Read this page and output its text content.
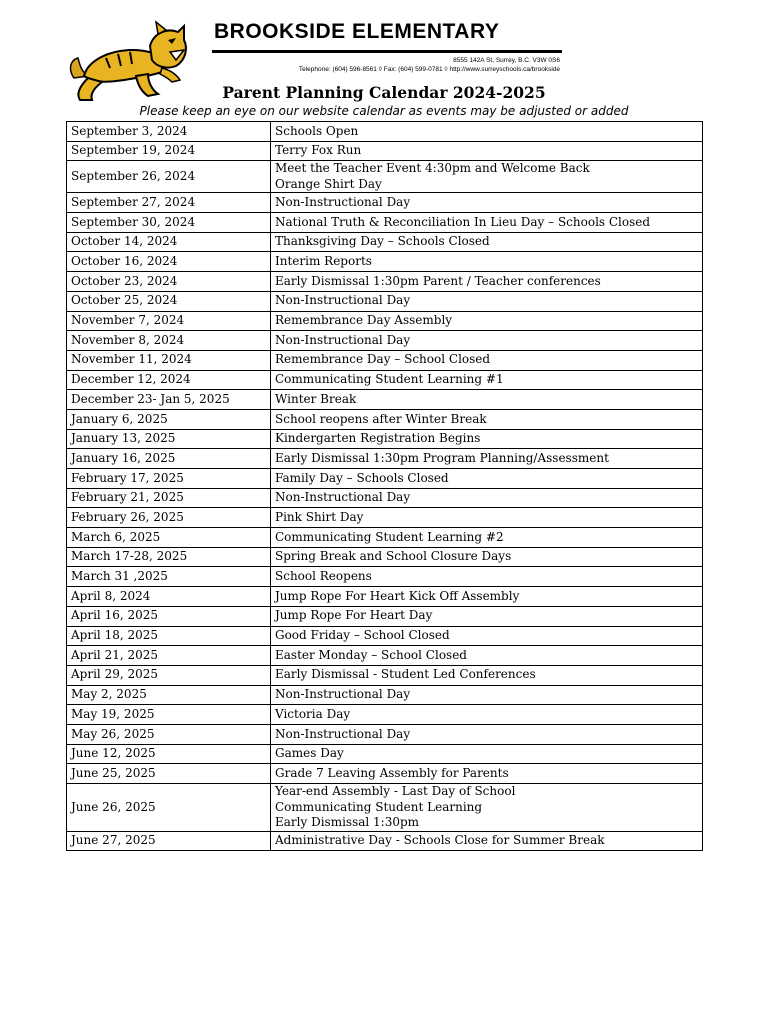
BROOKSIDE ELEMENTARY
8555 142A St, Surrey, B.C. V3W 0S6
Telephone: (604) 596-8561 ◊ Fax: (604) 599-0781 ◊ http://www.surreyschools.ca/brookside
Parent Planning Calendar 2024-2025
Please keep an eye on our website calendar as events may be adjusted or added
September 3, 2024	Schools Open

September 19, 2024	Terry Fox Run

September 26, 2024	Meet the Teacher Event 4:30pm and Welcome Back
Orange Shirt Day

September 27, 2024	Non-Instructional Day

September 30, 2024	National Truth & Reconciliation In Lieu Day – Schools Closed

October 14, 2024	Thanksgiving Day – Schools Closed

October 16, 2024	Interim Reports

October 23, 2024	Early Dismissal 1:30pm Parent / Teacher conferences

October 25, 2024	Non-Instructional Day

November 7, 2024	Remembrance Day Assembly

November 8, 2024	Non-Instructional Day

November 11, 2024	Remembrance Day – School Closed

December 12, 2024	Communicating Student Learning #1

December 23- Jan 5, 2025	Winter Break

January 6, 2025	School reopens after Winter Break

January 13, 2025	Kindergarten Registration Begins

January 16, 2025	Early Dismissal 1:30pm Program Planning/Assessment

February 17, 2025	Family Day – Schools Closed

February 21, 2025	Non-Instructional Day

February 26, 2025	Pink Shirt Day

March 6, 2025	Communicating Student Learning #2

March 17-28, 2025	Spring Break and School Closure Days

March 31 ,2025	School Reopens

April 8, 2024	Jump Rope For Heart Kick Off Assembly

April 16, 2025	Jump Rope For Heart Day

April 18, 2025	Good Friday – School Closed

April 21, 2025	Easter Monday – School Closed

April 29, 2025	Early Dismissal - Student Led Conferences

May 2, 2025	Non-Instructional Day

May 19, 2025	Victoria Day

May 26, 2025	Non-Instructional Day

June 12, 2025	Games Day

June 25, 2025	Grade 7 Leaving Assembly for Parents

June 26, 2025	Year-end Assembly - Last Day of School
Communicating Student Learning
Early Dismissal 1:30pm

June 27, 2025	Administrative Day - Schools Close for Summer Break
